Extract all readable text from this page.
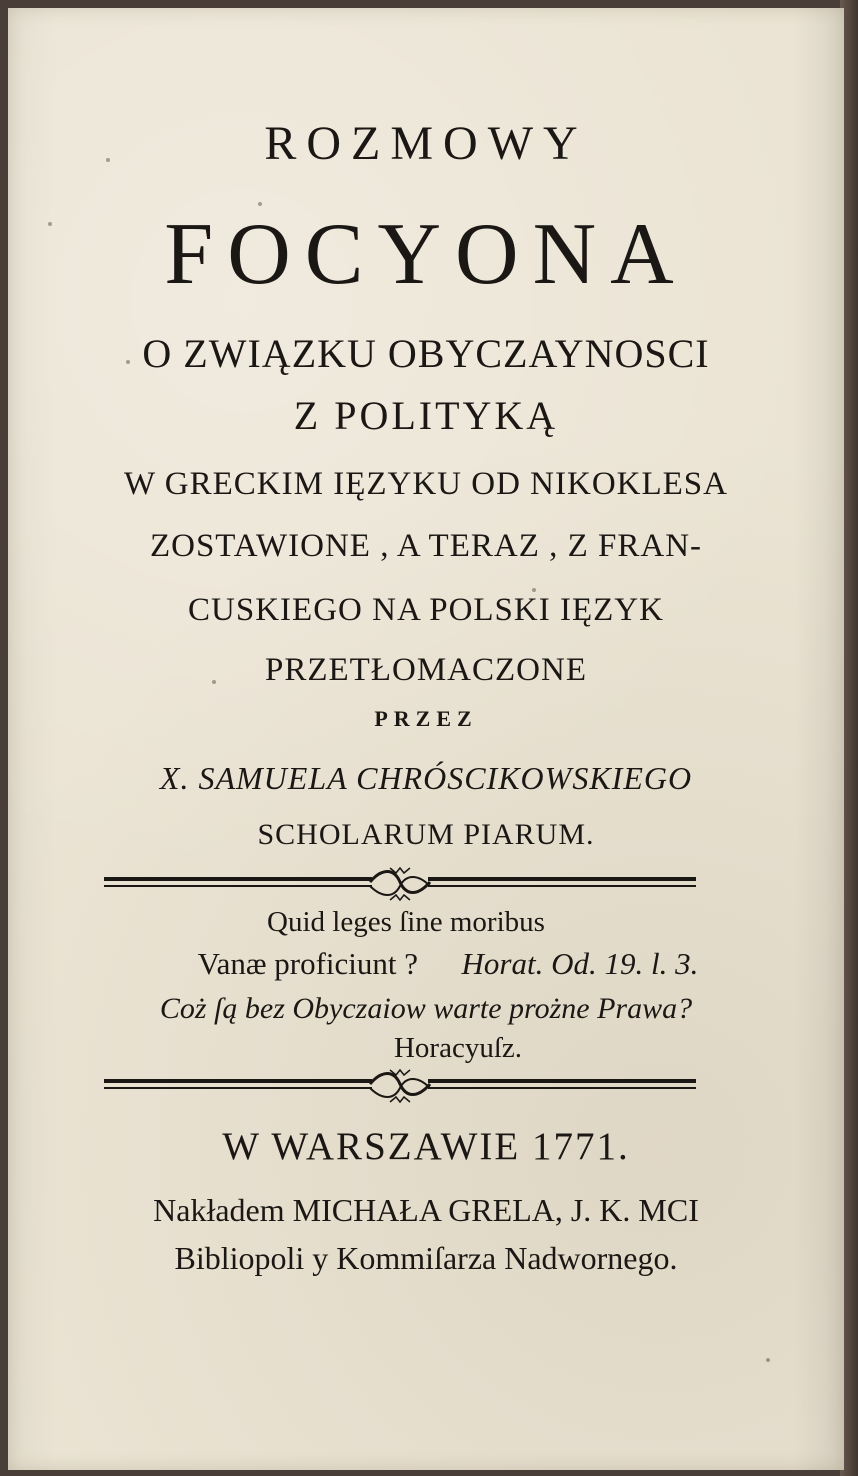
ROZMOWY
FOCYONA
O ZWIĄZKU OBYCZAYNOSCI
Z POLITYKĄ
W GRECKIM IĘZYKU OD NIKOKLESA
ZOSTAWIONE , A TERAZ , Z FRAN-
CUSKIEGO NA POLSKI IĘZYK
PRZETŁOMACZONE
PRZEZ
X. SAMUELA CHRÓSCIKOWSKIEGO
SCHOLARUM PIARUM.
Quid leges ſine moribus
Vanæ proficiunt ? Horat. Od. 19. l. 3.
Coż ſą bez Obyczaiow warte prożne Prawa?
Horacyuſz.
W WARSZAWIE 1771.
Nakładem MICHAŁA GRELA, J. K. MCI
Bibliopoli y Kommiſarza Nadwornego.
